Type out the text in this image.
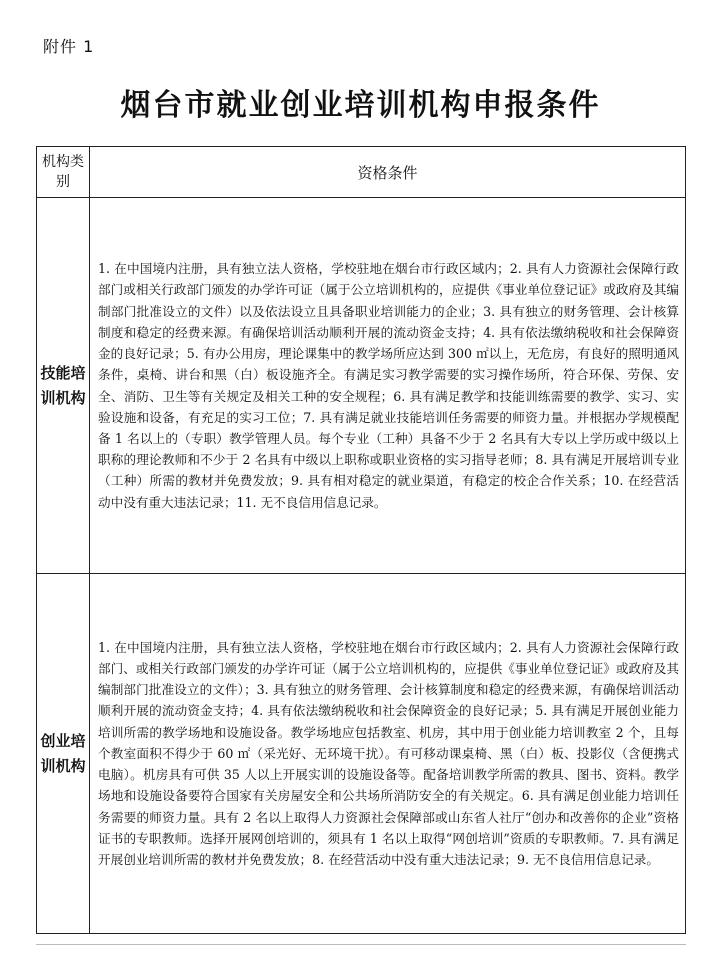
附件 1
烟台市就业创业培训机构申报条件
机构类别	资格条件
技能培训机构	1. 在中国境内注册，具有独立法人资格，学校驻地在烟台市行政区域内；2. 具有人力资源社会保障行政部门或相关行政部门颁发的办学许可证（属于公立培训机构的，应提供《事业单位登记证》或政府及其编制部门批准设立的文件）以及依法设立且具备职业培训能力的企业；3. 具有独立的财务管理、会计核算制度和稳定的经费来源。有确保培训活动顺利开展的流动资金支持；4. 具有依法缴纳税收和社会保障资金的良好记录；5. 有办公用房，理论课集中的教学场所应达到 300 ㎡以上，无危房，有良好的照明通风条件，桌椅、讲台和黑（白）板设施齐全。有满足实习教学需要的实习操作场所，符合环保、劳保、安全、消防、卫生等有关规定及相关工种的安全规程；6. 具有满足教学和技能训练需要的教学、实习、实验设施和设备，有充足的实习工位；7. 具有满足就业技能培训任务需要的师资力量。并根据办学规模配备 1 名以上的（专职）教学管理人员。每个专业（工种）具备不少于 2 名具有大专以上学历或中级以上职称的理论教师和不少于 2 名具有中级以上职称或职业资格的实习指导老师；8. 具有满足开展培训专业（工种）所需的教材并免费发放；9. 具有相对稳定的就业渠道，有稳定的校企合作关系；10. 在经营活动中没有重大违法记录；11. 无不良信用信息记录。
创业培训机构	1. 在中国境内注册，具有独立法人资格，学校驻地在烟台市行政区域内；2. 具有人力资源社会保障行政部门、或相关行政部门颁发的办学许可证（属于公立培训机构的，应提供《事业单位登记证》或政府及其编制部门批准设立的文件）；3. 具有独立的财务管理、会计核算制度和稳定的经费来源，有确保培训活动顺利开展的流动资金支持；4. 具有依法缴纳税收和社会保障资金的良好记录；5. 具有满足开展创业能力培训所需的教学场地和设施设备。教学场地应包括教室、机房，其中用于创业能力培训教室 2 个，且每个教室面积不得少于 60 ㎡（采光好、无环境干扰）。有可移动课桌椅、黑（白）板、投影仪（含便携式电脑）。机房具有可供 35 人以上开展实训的设施设备等。配备培训教学所需的教具、图书、资料。教学场地和设施设备要符合国家有关房屋安全和公共场所消防安全的有关规定。6. 具有满足创业能力培训任务需要的师资力量。具有 2 名以上取得人力资源社会保障部或山东省人社厅“创办和改善你的企业”资格证书的专职教师。选择开展网创培训的，须具有 1 名以上取得“网创培训”资质的专职教师。7. 具有满足开展创业培训所需的教材并免费发放；8. 在经营活动中没有重大违法记录；9. 无不良信用信息记录。
